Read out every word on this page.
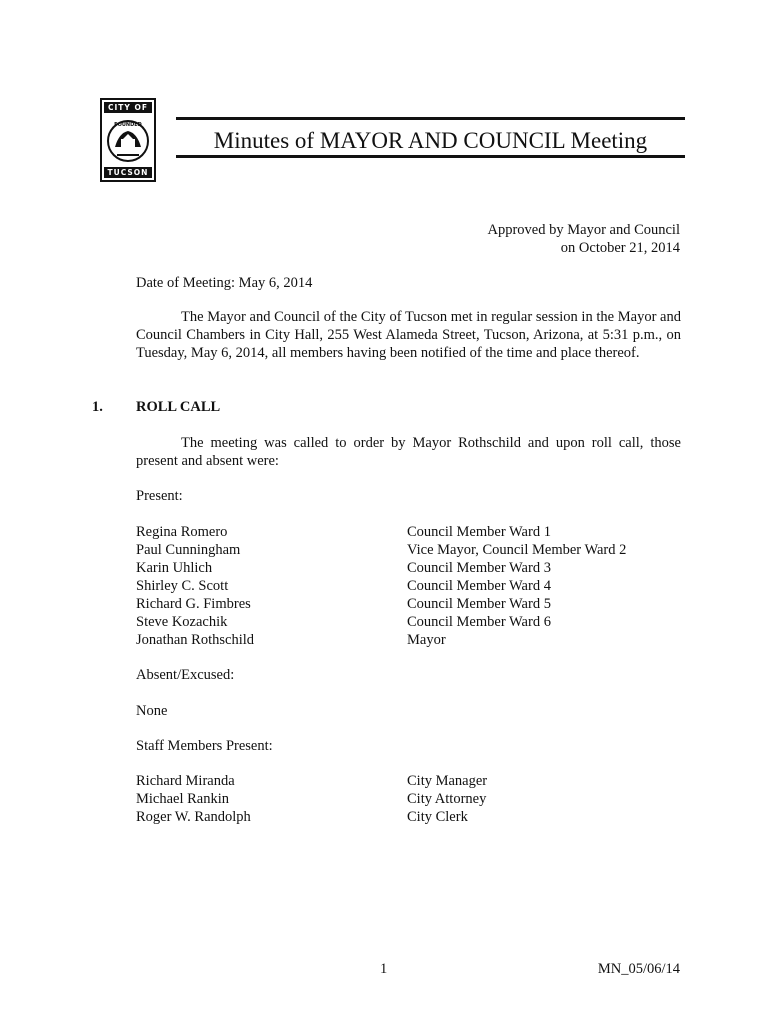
CITY OF
FOUNDED
TUCSON
Minutes of MAYOR AND COUNCIL Meeting
Approved by Mayor and Council
on October 21, 2014
Date of Meeting: May 6, 2014
The Mayor and Council of the City of Tucson met in regular session in the Mayor and Council Chambers in City Hall, 255 West Alameda Street, Tucson, Arizona, at 5:31 p.m., on Tuesday, May 6, 2014, all members having been notified of the time and place thereof.
1. ROLL CALL
The meeting was called to order by Mayor Rothschild and upon roll call, those present and absent were:
Present:
Regina Romero	Council Member Ward 1
Paul Cunningham	Vice Mayor, Council Member Ward 2
Karin Uhlich	Council Member Ward 3
Shirley C. Scott	Council Member Ward 4
Richard G. Fimbres	Council Member Ward 5
Steve Kozachik	Council Member Ward 6
Jonathan Rothschild	Mayor
Absent/Excused:
None
Staff Members Present:
Richard Miranda	City Manager
Michael Rankin	City Attorney
Roger W. Randolph	City Clerk
1	MN_05/06/14
